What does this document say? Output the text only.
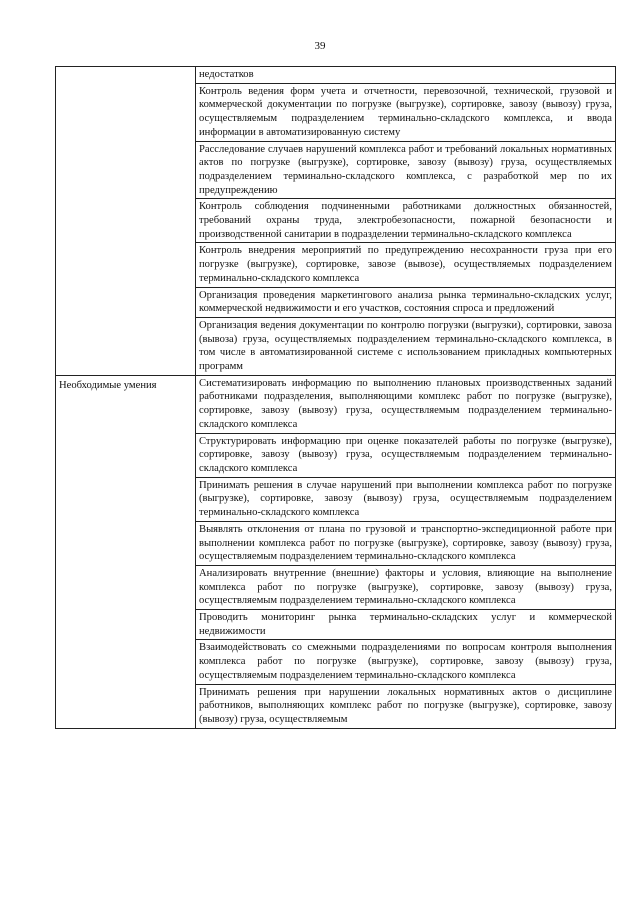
39

	недостатков

	Контроль ведения форм учета и отчетности, перевозочной, технической, грузовой и коммерческой документации по погрузке (выгрузке), сортировке, завозу (вывозу) груза, осуществляемым подразделением терминально-складского комплекса, и ввода информации в автоматизированную систему

	Расследование случаев нарушений комплекса работ и требований локальных нормативных актов по погрузке (выгрузке), сортировке, завозу (вывозу) груза, осуществляемых подразделением терминально-складского комплекса, с разработкой мер по их предупреждению

	Контроль соблюдения подчиненными работниками должностных обязанностей, требований охраны труда, электробезопасности, пожарной безопасности и производственной санитарии в подразделении терминально-складского комплекса

	Контроль внедрения мероприятий по предупреждению несохранности груза при его погрузке (выгрузке), сортировке, завозе (вывозе), осуществляемых подразделением терминально-складского комплекса

	Организация проведения маркетингового анализа рынка терминально-складских услуг, коммерческой недвижимости и его участков, состояния спроса и предложений

	Организация ведения документации по контролю погрузки (выгрузки), сортировки, завоза (вывоза) груза, осуществляемых подразделением терминально-складского комплекса, в том числе в автоматизированной системе с использованием прикладных компьютерных программ

Необходимые умения	Систематизировать информацию по выполнению плановых производственных заданий работниками подразделения, выполняющими комплекс работ по погрузке (выгрузке), сортировке, завозу (вывозу) груза, осуществляемым подразделением терминально-складского комплекса

	Структурировать информацию при оценке показателей работы по погрузке (выгрузке), сортировке, завозу (вывозу) груза, осуществляемым подразделением терминально-складского комплекса

	Принимать решения в случае нарушений при выполнении комплекса работ по погрузке (выгрузке), сортировке, завозу (вывозу) груза, осуществляемым подразделением терминально-складского комплекса

	Выявлять отклонения от плана по грузовой и транспортно-экспедиционной работе при выполнении комплекса работ по погрузке (выгрузке), сортировке, завозу (вывозу) груза, осуществляемым подразделением терминально-складского комплекса

	Анализировать внутренние (внешние) факторы и условия, влияющие на выполнение комплекса работ по погрузке (выгрузке), сортировке, завозу (вывозу) груза, осуществляемым подразделением терминально-складского комплекса

	Проводить мониторинг рынка терминально-складских услуг и коммерческой недвижимости

	Взаимодействовать со смежными подразделениями по вопросам контроля выполнения комплекса работ по погрузке (выгрузке), сортировке, завозу (вывозу) груза, осуществляемым подразделением терминально-складского комплекса

	Принимать решения при нарушении локальных нормативных актов о дисциплине работников, выполняющих комплекс работ по погрузке (выгрузке), сортировке, завозу (вывозу) груза, осуществляемым
